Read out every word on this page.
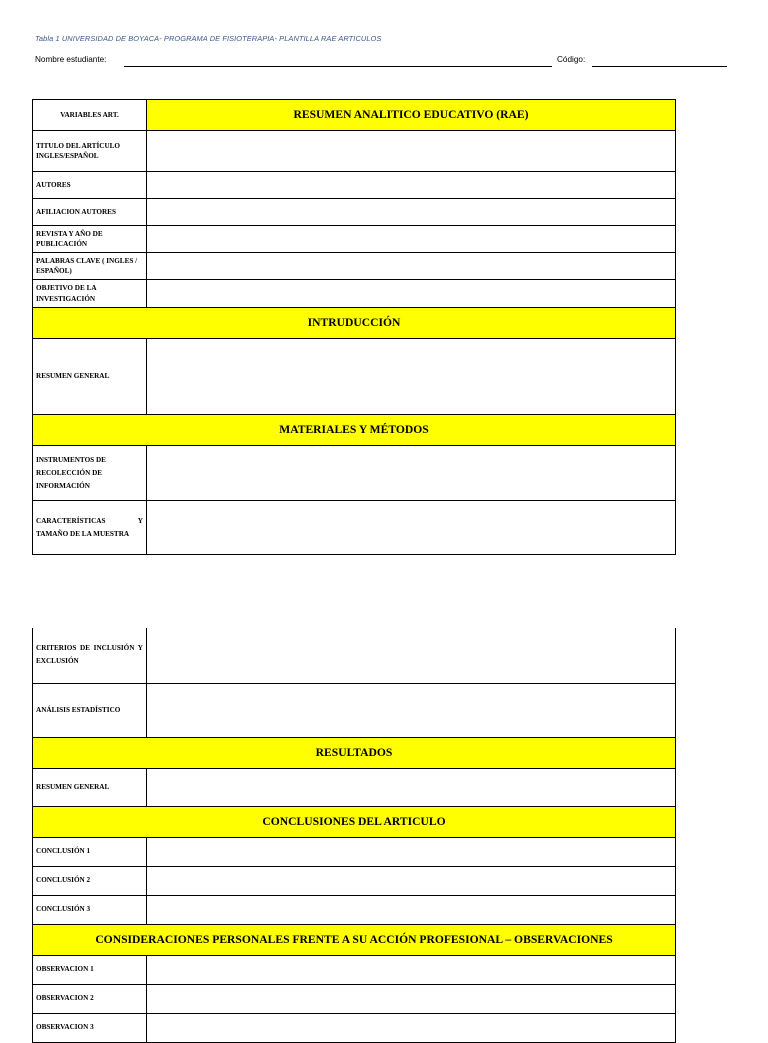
Tabla 1 UNIVERSIDAD DE BOYACA- PROGRAMA DE FISIOTERAPIA- PLANTILLA RAE ARTICULOS
Nombre estudiante:	Código:
VARIABLES ART.	RESUMEN ANALITICO EDUCATIVO (RAE)
TITULO DEL ARTÍCULO INGLES/ESPAÑOL	
AUTORES	
AFILIACION AUTORES	
REVISTA Y AÑO DE PUBLICACIÓN	
PALABRAS CLAVE ( INGLES / ESPAÑOL)	
OBJETIVO DE LA INVESTIGACIÓN	
INTRUDUCCIÓN	
RESUMEN GENERAL	
MATERIALES Y MÉTODOS	
INSTRUMENTOS DE RECOLECCIÓN DE INFORMACIÓN	
CARACTERÍSTICAS Y TAMAÑO DE LA MUESTRA	
CRITERIOS DE INCLUSIÓN Y EXCLUSIÓN	
ANÁLISIS ESTADÍSTICO	
RESULTADOS	
RESUMEN GENERAL	
CONCLUSIONES DEL ARTICULO	
CONCLUSIÓN 1	
CONCLUSIÓN 2	
CONCLUSIÓN 3	
CONSIDERACIONES PERSONALES FRENTE A SU ACCIÓN PROFESIONAL – OBSERVACIONES	
OBSERVACION 1	
OBSERVACION 2	
OBSERVACION 3	
